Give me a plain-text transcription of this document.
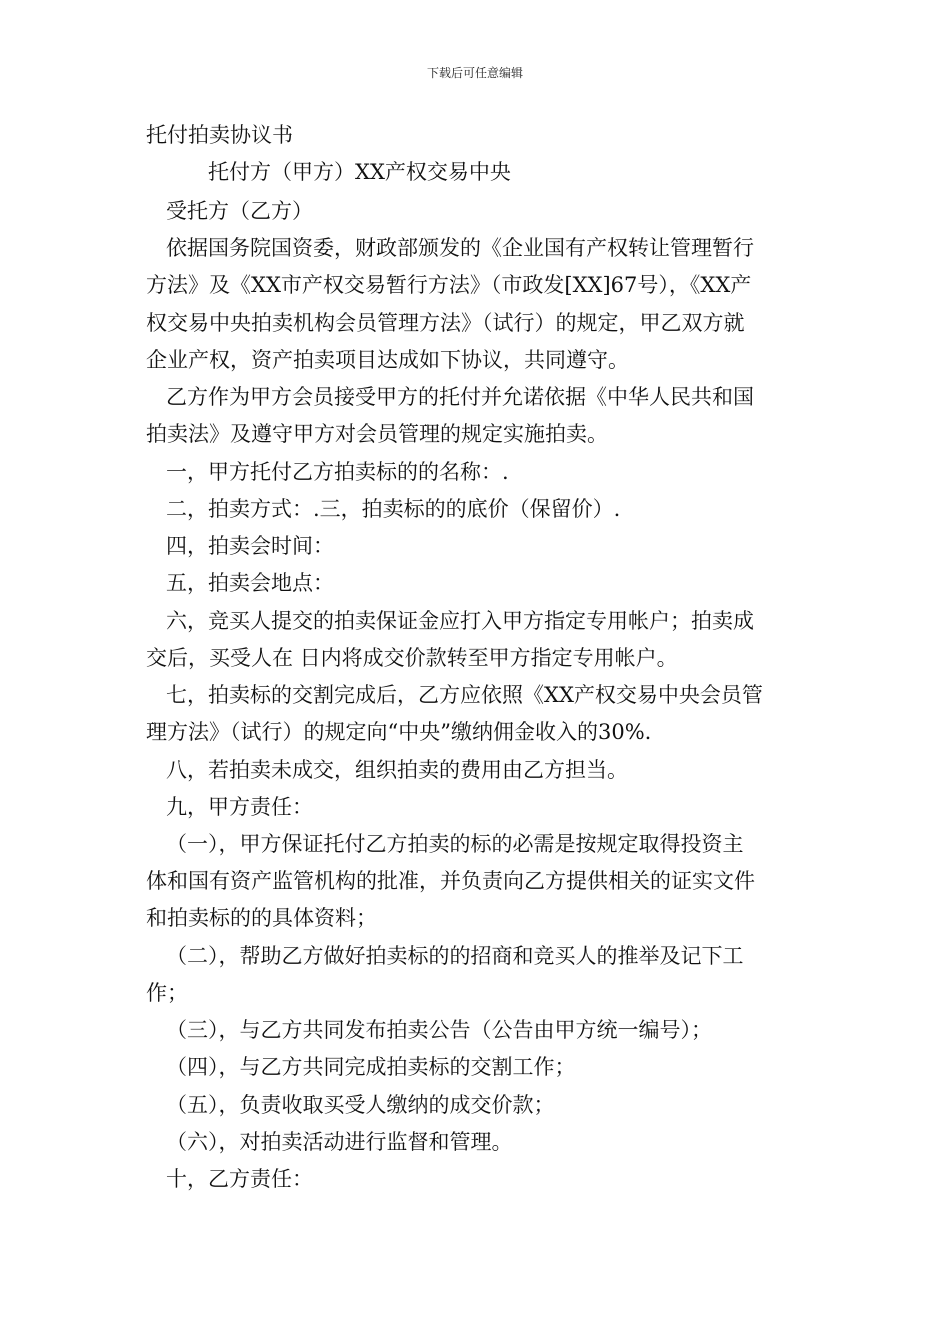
下载后可任意编辑
托付拍卖协议书
托付方（甲方）XX产权交易中央
受托方（乙方）
依据国务院国资委，财政部颁发的《企业国有产权转让管理暂行
方法》及《XX市产权交易暂行方法》（市政发[XX]67号），《XX产
权交易中央拍卖机构会员管理方法》（试行）的规定，甲乙双方就
企业产权，资产拍卖项目达成如下协议，共同遵守。
乙方作为甲方会员接受甲方的托付并允诺依据《中华人民共和国
拍卖法》及遵守甲方对会员管理的规定实施拍卖。
一，甲方托付乙方拍卖标的的名称：.
二，拍卖方式：.三，拍卖标的的底价（保留价）.
四，拍卖会时间：
五，拍卖会地点：
六，竞买人提交的拍卖保证金应打入甲方指定专用帐户；拍卖成
交后，买受人在 日内将成交价款转至甲方指定专用帐户。
七，拍卖标的交割完成后，乙方应依照《XX产权交易中央会员管
理方法》（试行）的规定向“中央”缴纳佣金收入的30%.
八，若拍卖未成交，组织拍卖的费用由乙方担当。
九，甲方责任：
（一），甲方保证托付乙方拍卖的标的必需是按规定取得投资主
体和国有资产监管机构的批准，并负责向乙方提供相关的证实文件
和拍卖标的的具体资料；
（二），帮助乙方做好拍卖标的的招商和竞买人的推举及记下工
作；
（三），与乙方共同发布拍卖公告（公告由甲方统一编号）；
（四），与乙方共同完成拍卖标的交割工作；
（五），负责收取买受人缴纳的成交价款；
（六），对拍卖活动进行监督和管理。
十，乙方责任：
